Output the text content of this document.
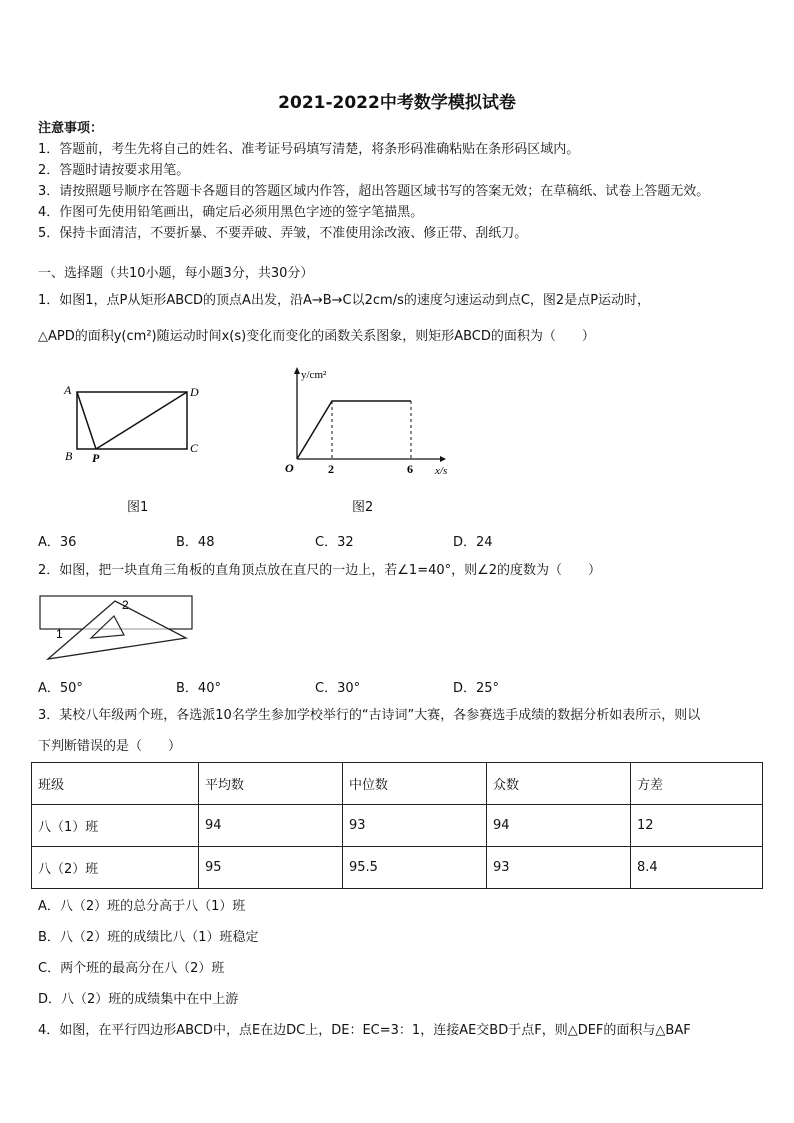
2021-2022中考数学模拟试卷
注意事项：
1．答题前，考生先将自己的姓名、准考证号码填写清楚，将条形码准确粘贴在条形码区域内。
2．答题时请按要求用笔。
3．请按照题号顺序在答题卡各题目的答题区域内作答，超出答题区域书写的答案无效；在草稿纸、试卷上答题无效。
4．作图可先使用铅笔画出，确定后必须用黑色字迹的签字笔描黑。
5．保持卡面清洁，不要折暴、不要弄破、弄皱，不准使用涂改液、修正带、刮纸刀。
一、选择题（共10小题，每小题3分，共30分）
1．如图1，点P从矩形ABCD的顶点A出发，沿A→B→C以2cm/s的速度匀速运动到点C，图2是点P运动时，
△APD的面积y(cm²)随运动时间x(s)变化而变化的函数关系图象，则矩形ABCD的面积为（　　）
A	D
B P
C
图1
y/cm²
x/s
O	2	6
图2
A．36	B．48	C．32	D．24
2．如图，把一块直角三角板的直角顶点放在直尺的一边上，若∠1=40°，则∠2的度数为（　　）
1
2
A．50°	B．40°	C．30°	D．25°
3．某校八年级两个班，各选派10名学生参加学校举行的“古诗词”大赛，各参赛选手成绩的数据分析如表所示，则以
下判断错误的是（　　）
班级	平均数	中位数	众数	方差
八（1）班	94	93	94	12
八（2）班	95	95.5	93	8.4
A．八（2）班的总分高于八（1）班
B．八（2）班的成绩比八（1）班稳定
C．两个班的最高分在八（2）班
D．八（2）班的成绩集中在中上游
4．如图，在平行四边形ABCD中，点E在边DC上，DE：EC=3：1，连接AE交BD于点F，则△DEF的面积与△BAF
